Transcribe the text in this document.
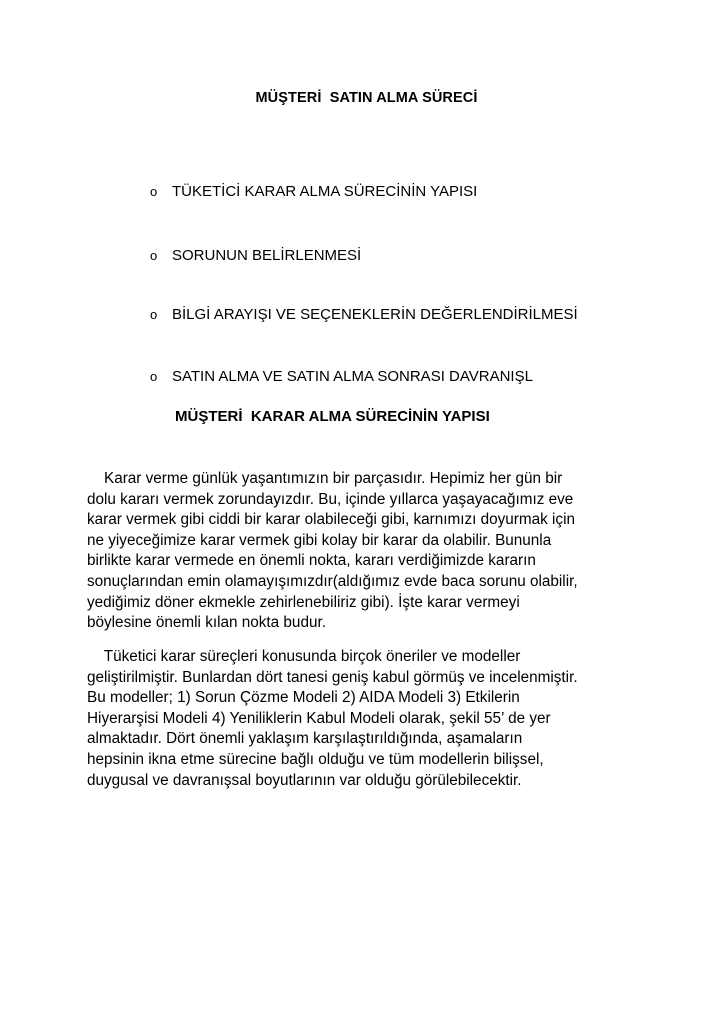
MÜŞTERİ  SATIN ALMA SÜRECİ
o TÜKETİCİ KARAR ALMA SÜRECİNİN YAPISI
o SORUNUN BELİRLENMESİ
o BİLGİ ARAYIŞI VE SEÇENEKLERİN DEĞERLENDİRİLMESİ
o SATIN ALMA VE SATIN ALMA SONRASI DAVRANIŞL
MÜŞTERİ  KARAR ALMA SÜRECİNİN YAPISI

Karar verme günlük yaşantımızın bir parçasıdır. Hepimiz her gün bir
dolu kararı vermek zorundayızdır. Bu, içinde yıllarca yaşayacağımız eve
karar vermek gibi ciddi bir karar olabileceği gibi, karnımızı doyurmak için
ne yiyeceğimize karar vermek gibi kolay bir karar da olabilir. Bununla
birlikte karar vermede en önemli nokta, kararı verdiğimizde kararın
sonuçlarından emin olamayışımızdır(aldığımız evde baca sorunu olabilir,
yediğimiz döner ekmekle zehirlenebiliriz gibi). İşte karar vermeyi
böylesine önemli kılan nokta budur.

Tüketici karar süreçleri konusunda birçok öneriler ve modeller
geliştirilmiştir. Bunlardan dört tanesi geniş kabul görmüş ve incelenmiştir.
Bu modeller; 1) Sorun Çözme Modeli 2) AIDA Modeli 3) Etkilerin
Hiyerarşisi Modeli 4) Yeniliklerin Kabul Modeli olarak, şekil 55’ de yer
almaktadır. Dört önemli yaklaşım karşılaştırıldığında, aşamaların
hepsinin ikna etme sürecine bağlı olduğu ve tüm modellerin bilişsel,
duygusal ve davranışsal boyutlarının var olduğu görülebilecektir.
